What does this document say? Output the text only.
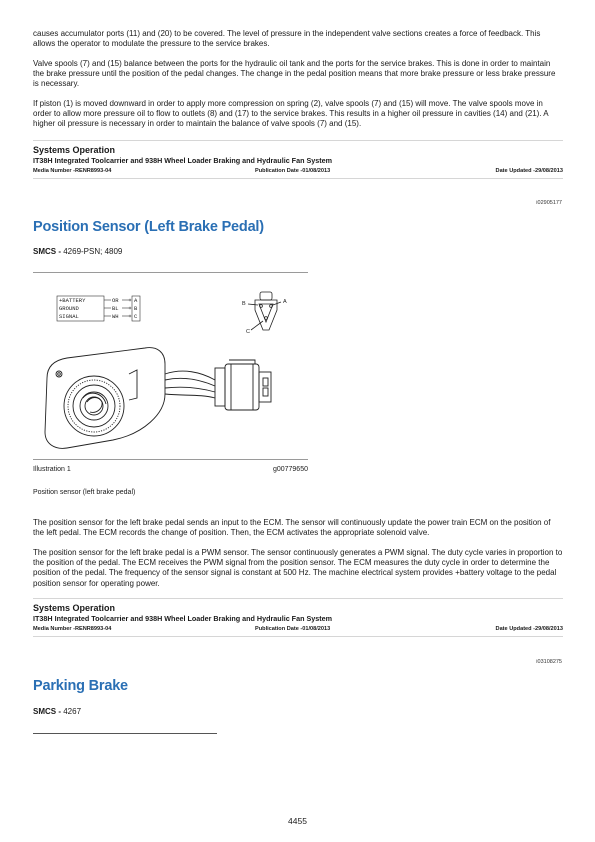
causes accumulator ports (11) and (20) to be covered. The level of pressure in the independent valve sections creates a force of feedback. This allows the operator to modulate the pressure to the service brakes.

Valve spools (7) and (15) balance between the ports for the hydraulic oil tank and the ports for the service brakes. This is done in order to maintain the brake pressure until the position of the pedal changes. The change in the pedal position means that more brake pressure or less brake pressure is necessary.

If piston (1) is moved downward in order to apply more compression on spring (2), valve spools (7) and (15) will move. The valve spools move in order to allow more pressure oil to flow to outlets (8) and (17) to the service brakes. This results in a higher oil pressure in cavities (14) and (21). A higher oil pressure is necessary in order to maintain the balance of valve spools (7) and (15).

Systems Operation

IT38H Integrated Toolcarrier and 938H Wheel Loader Braking and Hydraulic Fan System

Media Number -RENR8993-04	Publication Date -01/08/2013	Date Updated -29/08/2013
i02905177
Position Sensor (Left Brake Pedal)
SMCS - 4269-PSN; 4809
+BATTERY
GROUND
SIGNAL
OR
BL
WH
A
B
C
B	A
C
Illustration 1	g00779650
Position sensor (left brake pedal)

The position sensor for the left brake pedal sends an input to the ECM. The sensor will continuously update the power train ECM on the position of the left pedal. The ECM records the change of position. Then, the ECM activates the appropriate solenoid valve.

The position sensor for the left brake pedal is a PWM sensor. The sensor continuously generates a PWM signal. The duty cycle varies in proportion to the position of the pedal. The ECM receives the PWM signal from the position sensor. The ECM measures the duty cycle in order to determine the position of the pedal. The frequency of the sensor signal is constant at 500 Hz. The machine electrical system provides +battery voltage to the pedal position sensor for operating power.

Systems Operation

IT38H Integrated Toolcarrier and 938H Wheel Loader Braking and Hydraulic Fan System

Media Number -RENR8993-04	Publication Date -01/08/2013	Date Updated -29/08/2013
i03108275
Parking Brake
SMCS - 4267
4455
